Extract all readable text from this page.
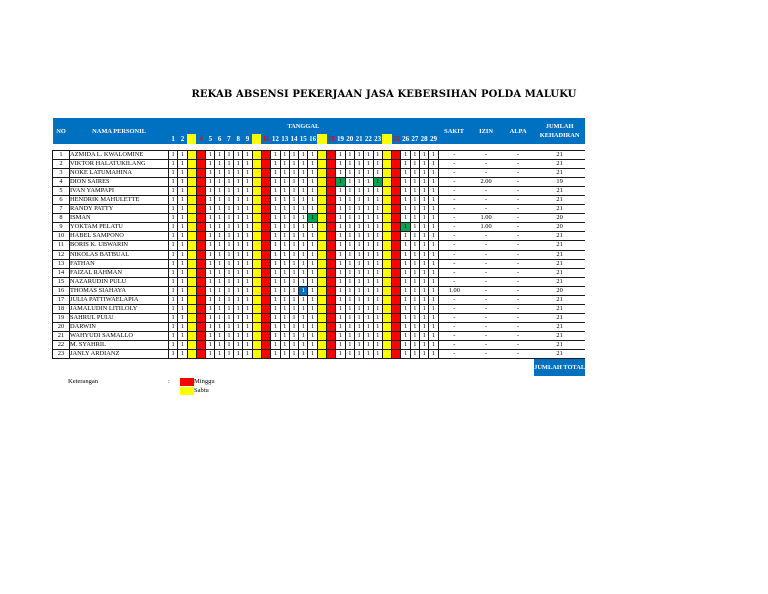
REKAB ABSENSI PEKERJAAN JASA KEBERSIHAN POLDA MALUKU
NO	NAMA PERSONIL	TANGGAL																													SAKIT	IZIN	ALPA	JUMLAH KEHADIRAN
		1	2		4	5	6	7	8	9		11	12	13	14	15	16		18	19	20	21	22	23		25	26	27	28	29				

1	AZMIDA L. KWALOMINE	1	1			1	1	1	1	1			1	1	1	1	1			1	1	1	1	1			1	1	1	1	-	-	-	21
2	VIKTOR HALATUKILANG	1	1			1	1	1	1	1			1	1	1	1	1			1	1	1	1	1			1	1	1	1	-	-	-	21
3	NOKE LATUMAHINA	1	1			1	1	1	1	1			1	1	1	1	1			1	1	1	1	1			1	1	1	1	-	-	-	21
4	DION SAIRES	1	1			1	1	1	1	1			1	1	1	1	1			1	1	1	1	1			1	1	1	1	-	2.00	-	19
5	IVAN YAMPAPI	1	1			1	1	1	1	1			1	1	1	1	1			1	1	1	1	1			1	1	1	1	-	-	-	21
6	HENDRIK MAHULETTE	1	1			1	1	1	1	1			1	1	1	1	1			1	1	1	1	1			1	1	1	1	-	-	-	21
7	RANDY PATTY	1	1			1	1	1	1	1			1	1	1	1	1			1	1	1	1	1			1	1	1	1	-	-	-	21
8	ISMAN	1	1			1	1	1	1	1			1	1	1	1	1			1	1	1	1	1			1	1	1	1	-	1.00	-	20
9	YOKTAM PELATU	1	1			1	1	1	1	1			1	1	1	1	1			1	1	1	1	1			1	1	1	1	-	1.00	-	20
10	HABEL SAMPONO	1	1			1	1	1	1	1			1	1	1	1	1			1	1	1	1	1			1	1	1	1	-	-	-	21
11	BORIS K. UBWARIN	1	1			1	1	1	1	1			1	1	1	1	1			1	1	1	1	1			1	1	1	1	-	-	-	21
12	NIKOLAS BATBUAL	1	1			1	1	1	1	1			1	1	1	1	1			1	1	1	1	1			1	1	1	1	-	-	-	21
13	FATHAN	1	1			1	1	1	1	1			1	1	1	1	1			1	1	1	1	1			1	1	1	1	-	-	-	21
14	FAIZAL RAHMAN	1	1			1	1	1	1	1			1	1	1	1	1			1	1	1	1	1			1	1	1	1	-	-	-	21
15	NAZARUDIN PULU	1	1			1	1	1	1	1			1	1	1	1	1			1	1	1	1	1			1	1	1	1	-	-	-	21
16	THOMAS SIAHAYA	1	1			1	1	1	1	1			1	1	1	1	1			1	1	1	1	1			1	1	1	1	1.00	-	-	20
17	JULIA PATTIWAELAPIA	1	1			1	1	1	1	1			1	1	1	1	1			1	1	1	1	1			1	1	1	1	-	-	-	21
18	JAMALUDIN LITILOLY	1	1			1	1	1	1	1			1	1	1	1	1			1	1	1	1	1			1	1	1	1	-	-	-	21
19	SAHRUL PULU	1	1			1	1	1	1	1			1	1	1	1	1			1	1	1	1	1			1	1	1	1	-	-	-	21
20	DARWIN	1	1			1	1	1	1	1			1	1	1	1	1			1	1	1	1	1			1	1	1	1	-	-	-	21
21	WAHYUDI SAMALLO	1	1			1	1	1	1	1			1	1	1	1	1			1	1	1	1	1			1	1	1	1	-	-	-	21
22	M. SYAHRIL	1	1			1	1	1	1	1			1	1	1	1	1			1	1	1	1	1			1	1	1	1	-	-	-	21
23	JANLY ARDIANZ	1	1			1	1	1	1	1			1	1	1	1	1			1	1	1	1	1			1	1	1	1	-	-	-	21
																																		JUMLAH TOTAL
Keterangan	:	Minggu
Sabtu
